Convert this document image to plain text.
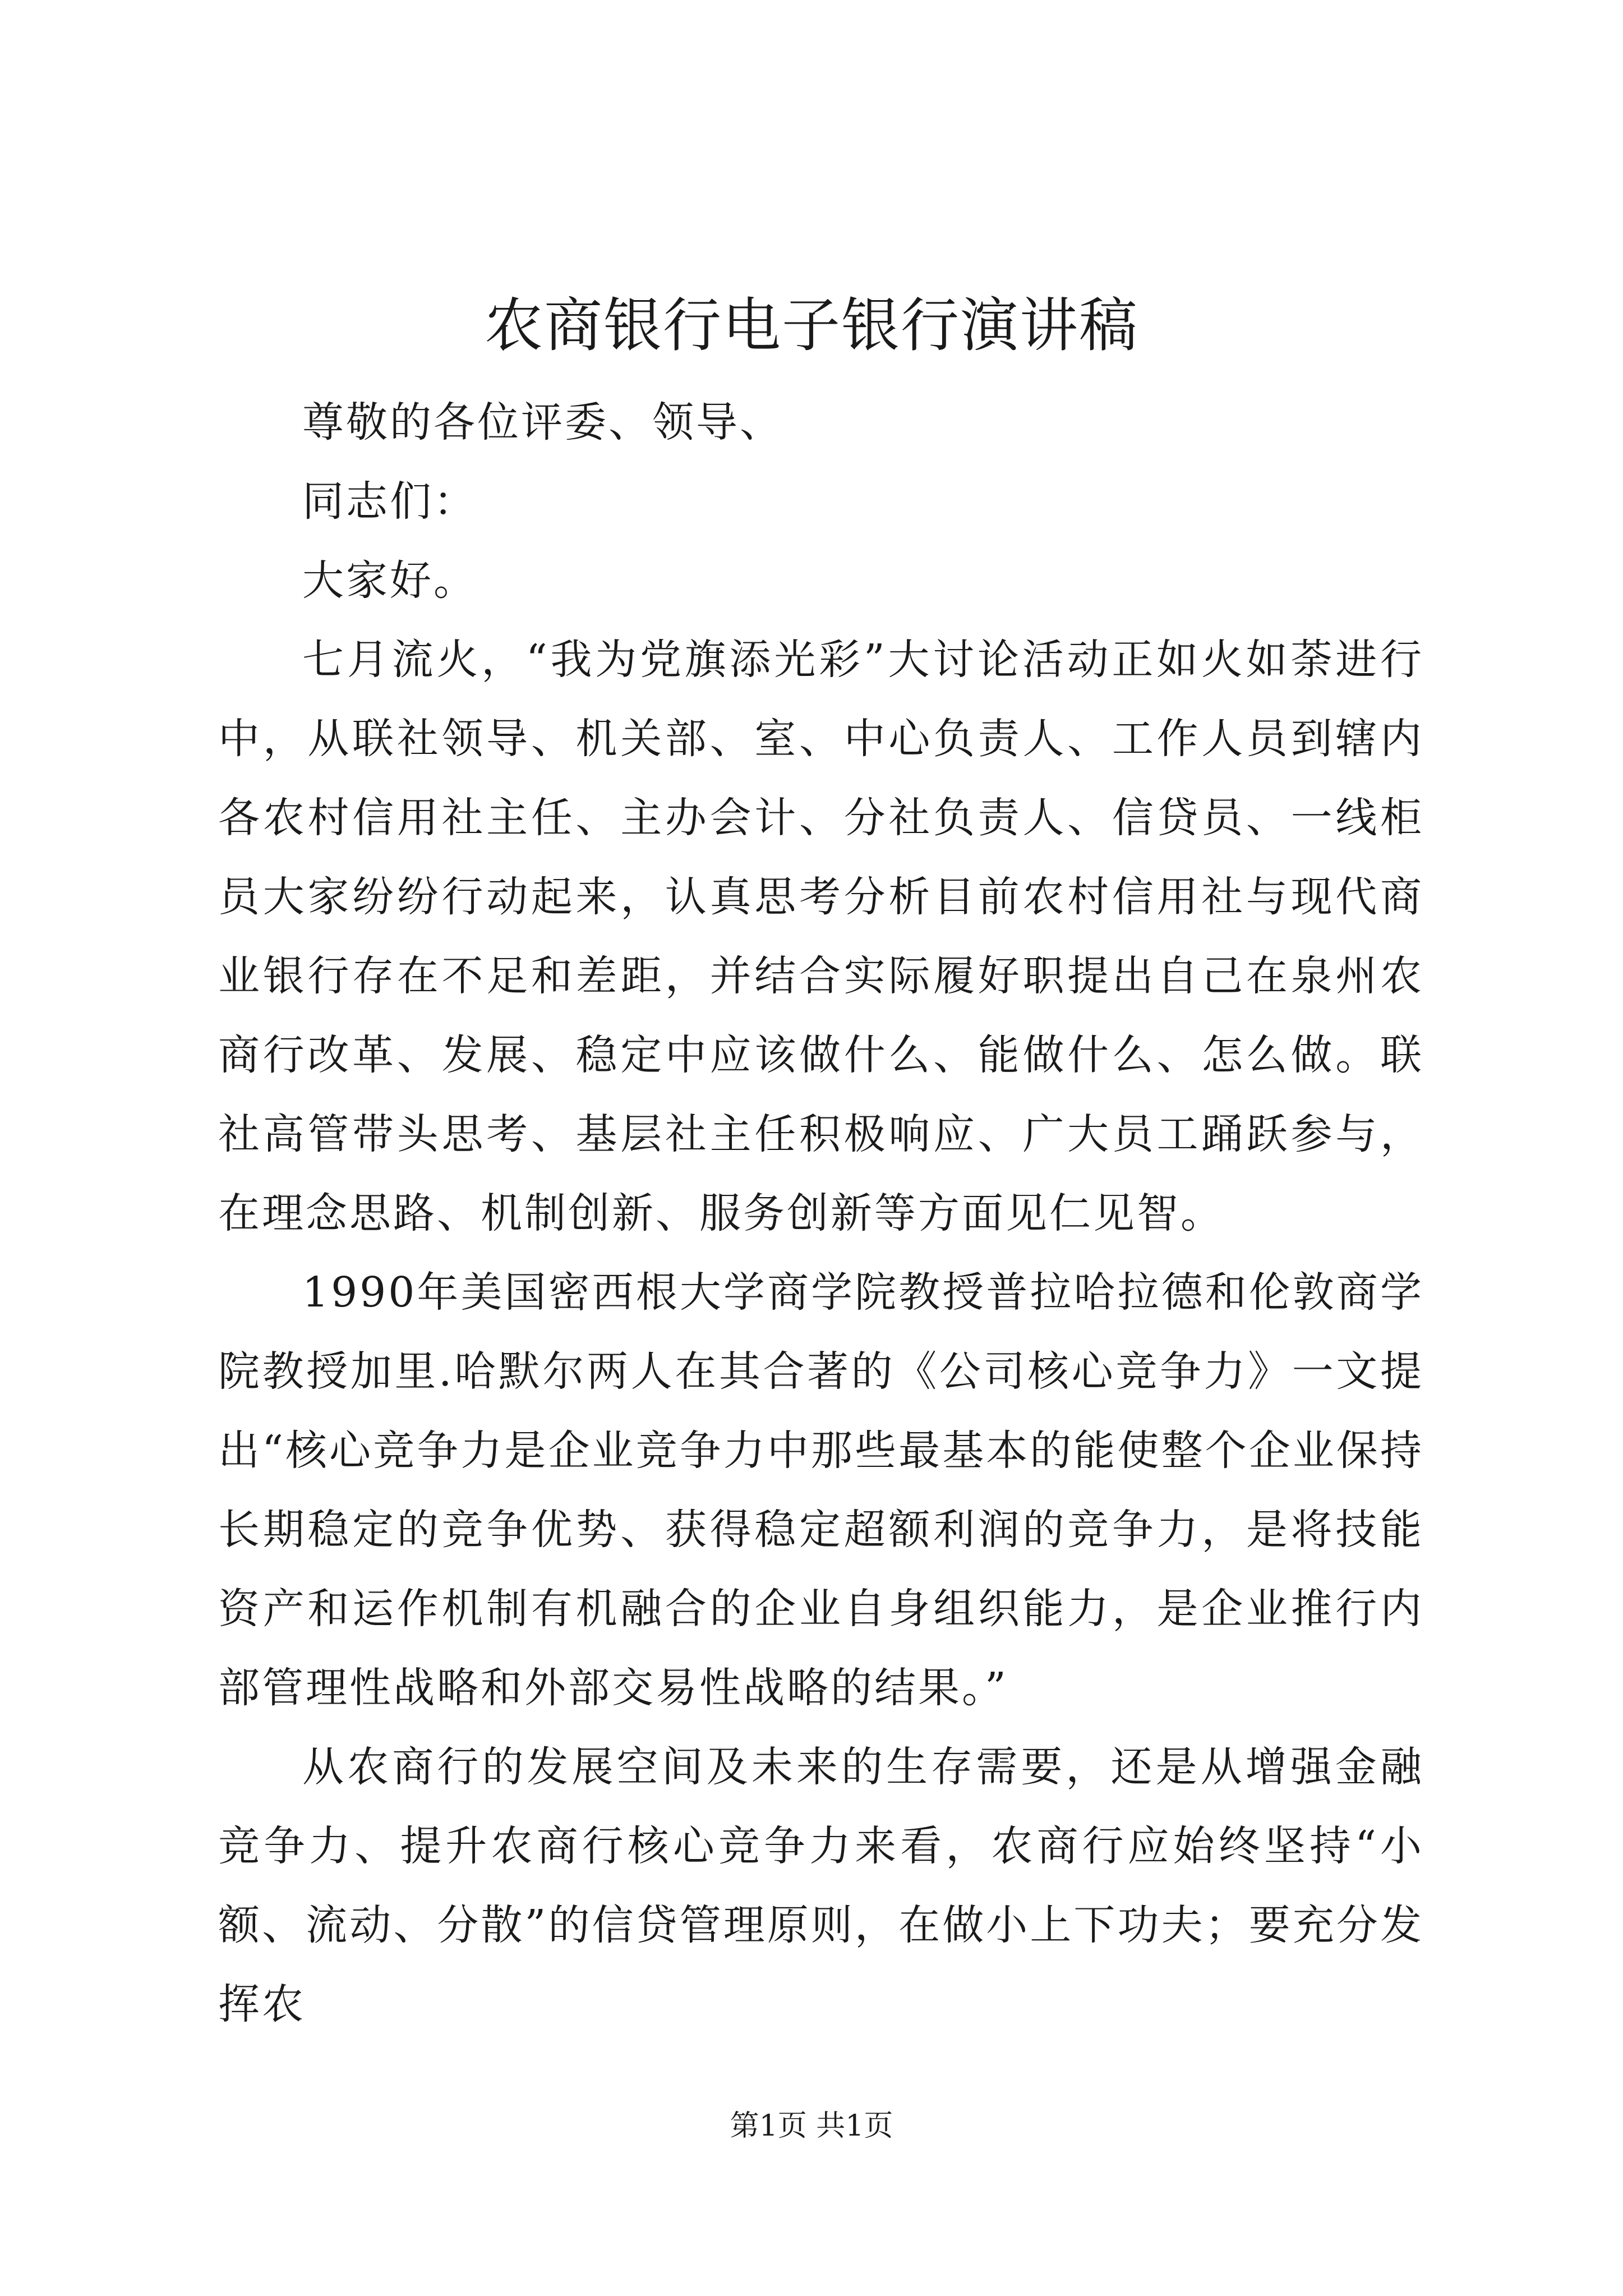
农商银行电子银行演讲稿

尊敬的各位评委、领导、

同志们：

大家好。

七月流火，“我为党旗添光彩”大讨论活动正如火如荼进行中，从联社领导、机关部、室、中心负责人、工作人员到辖内各农村信用社主任、主办会计、分社负责人、信贷员、一线柜员大家纷纷行动起来，认真思考分析目前农村信用社与现代商业银行存在不足和差距，并结合实际履好职提出自己在泉州农商行改革、发展、稳定中应该做什么、能做什么、怎么做。联社高管带头思考、基层社主任积极响应、广大员工踊跃参与，在理念思路、机制创新、服务创新等方面见仁见智。

1990年美国密西根大学商学院教授普拉哈拉德和伦敦商学院教授加里.哈默尔两人在其合著的《公司核心竞争力》一文提出“核心竞争力是企业竞争力中那些最基本的能使整个企业保持长期稳定的竞争优势、获得稳定超额利润的竞争力，是将技能资产和运作机制有机融合的企业自身组织能力，是企业推行内部管理性战略和外部交易性战略的结果。”

从农商行的发展空间及未来的生存需要，还是从增强金融竞争力、提升农商行核心竞争力来看，农商行应始终坚持“小额、流动、分散”的信贷管理原则，在做小上下功夫；要充分发挥农

第1页 共1页
